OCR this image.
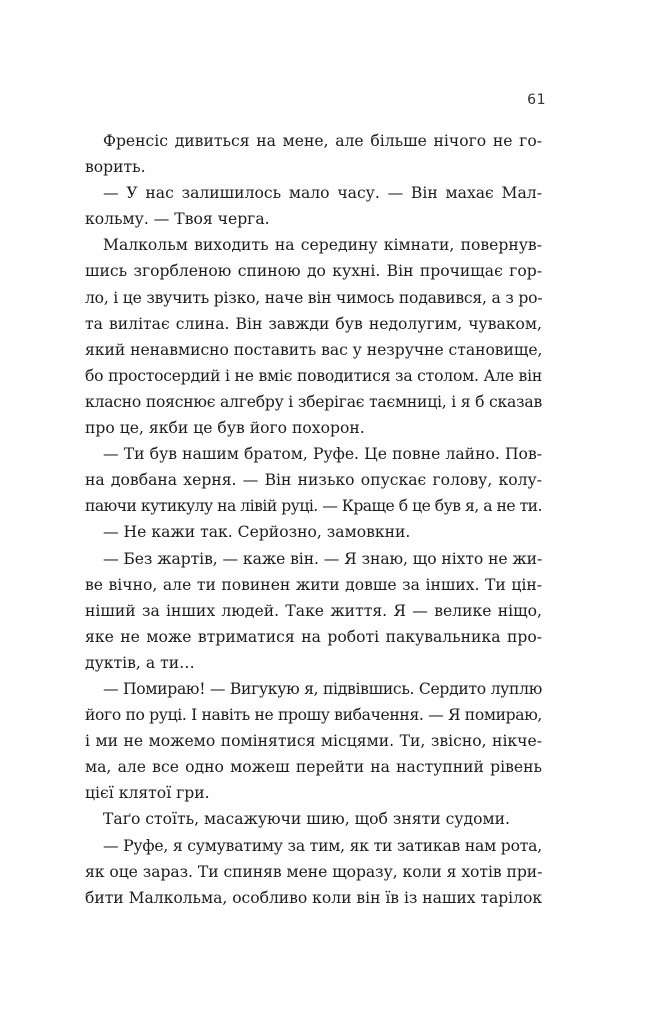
61
Френсіс дивиться на мене, але більше нічого не го-
ворить.
— У нас залишилось мало часу. — Він махає Мал-
кольму. — Твоя черга.
Малкольм виходить на середину кімнати, повернув-
шись згорбленою спиною до кухні. Він прочищає гор-
ло, і це звучить різко, наче він чимось подавився, а з ро-
та вилітає слина. Він завжди був недолугим, чуваком,
який ненавмисно поставить вас у незручне становище,
бо простосердий і не вміє поводитися за столом. Але він
класно пояснює алгебру і зберігає таємниці, і я б сказав
про це, якби це був його похорон.
— Ти був нашим братом, Руфе. Це повне лайно. Пов-
на довбана херня. — Він низько опускає голову, колу-
паючи кутикулу на лівій руці. — Краще б це був я, а не ти.
— Не кажи так. Серйозно, замовкни.
— Без жартів, — каже він. — Я знаю, що ніхто не жи-
ве вічно, але ти повинен жити довше за інших. Ти цін-
ніший за інших людей. Таке життя. Я — велике ніщо,
яке не може втриматися на роботі пакувальника про-
дуктів, а ти…
— Помираю! — Вигукую я, підвівшись. Сердито луплю
його по руці. І навіть не прошу вибачення. — Я помираю,
і ми не можемо помінятися місцями. Ти, звісно, нікче-
ма, але все одно можеш перейти на наступний рівень
цієї клятої гри.
Таґо стоїть, масажуючи шию, щоб зняти судоми.
— Руфе, я сумуватиму за тим, як ти затикав нам рота,
як оце зараз. Ти спиняв мене щоразу, коли я хотів при-
бити Малкольма, особливо коли він їв із наших тарілок
